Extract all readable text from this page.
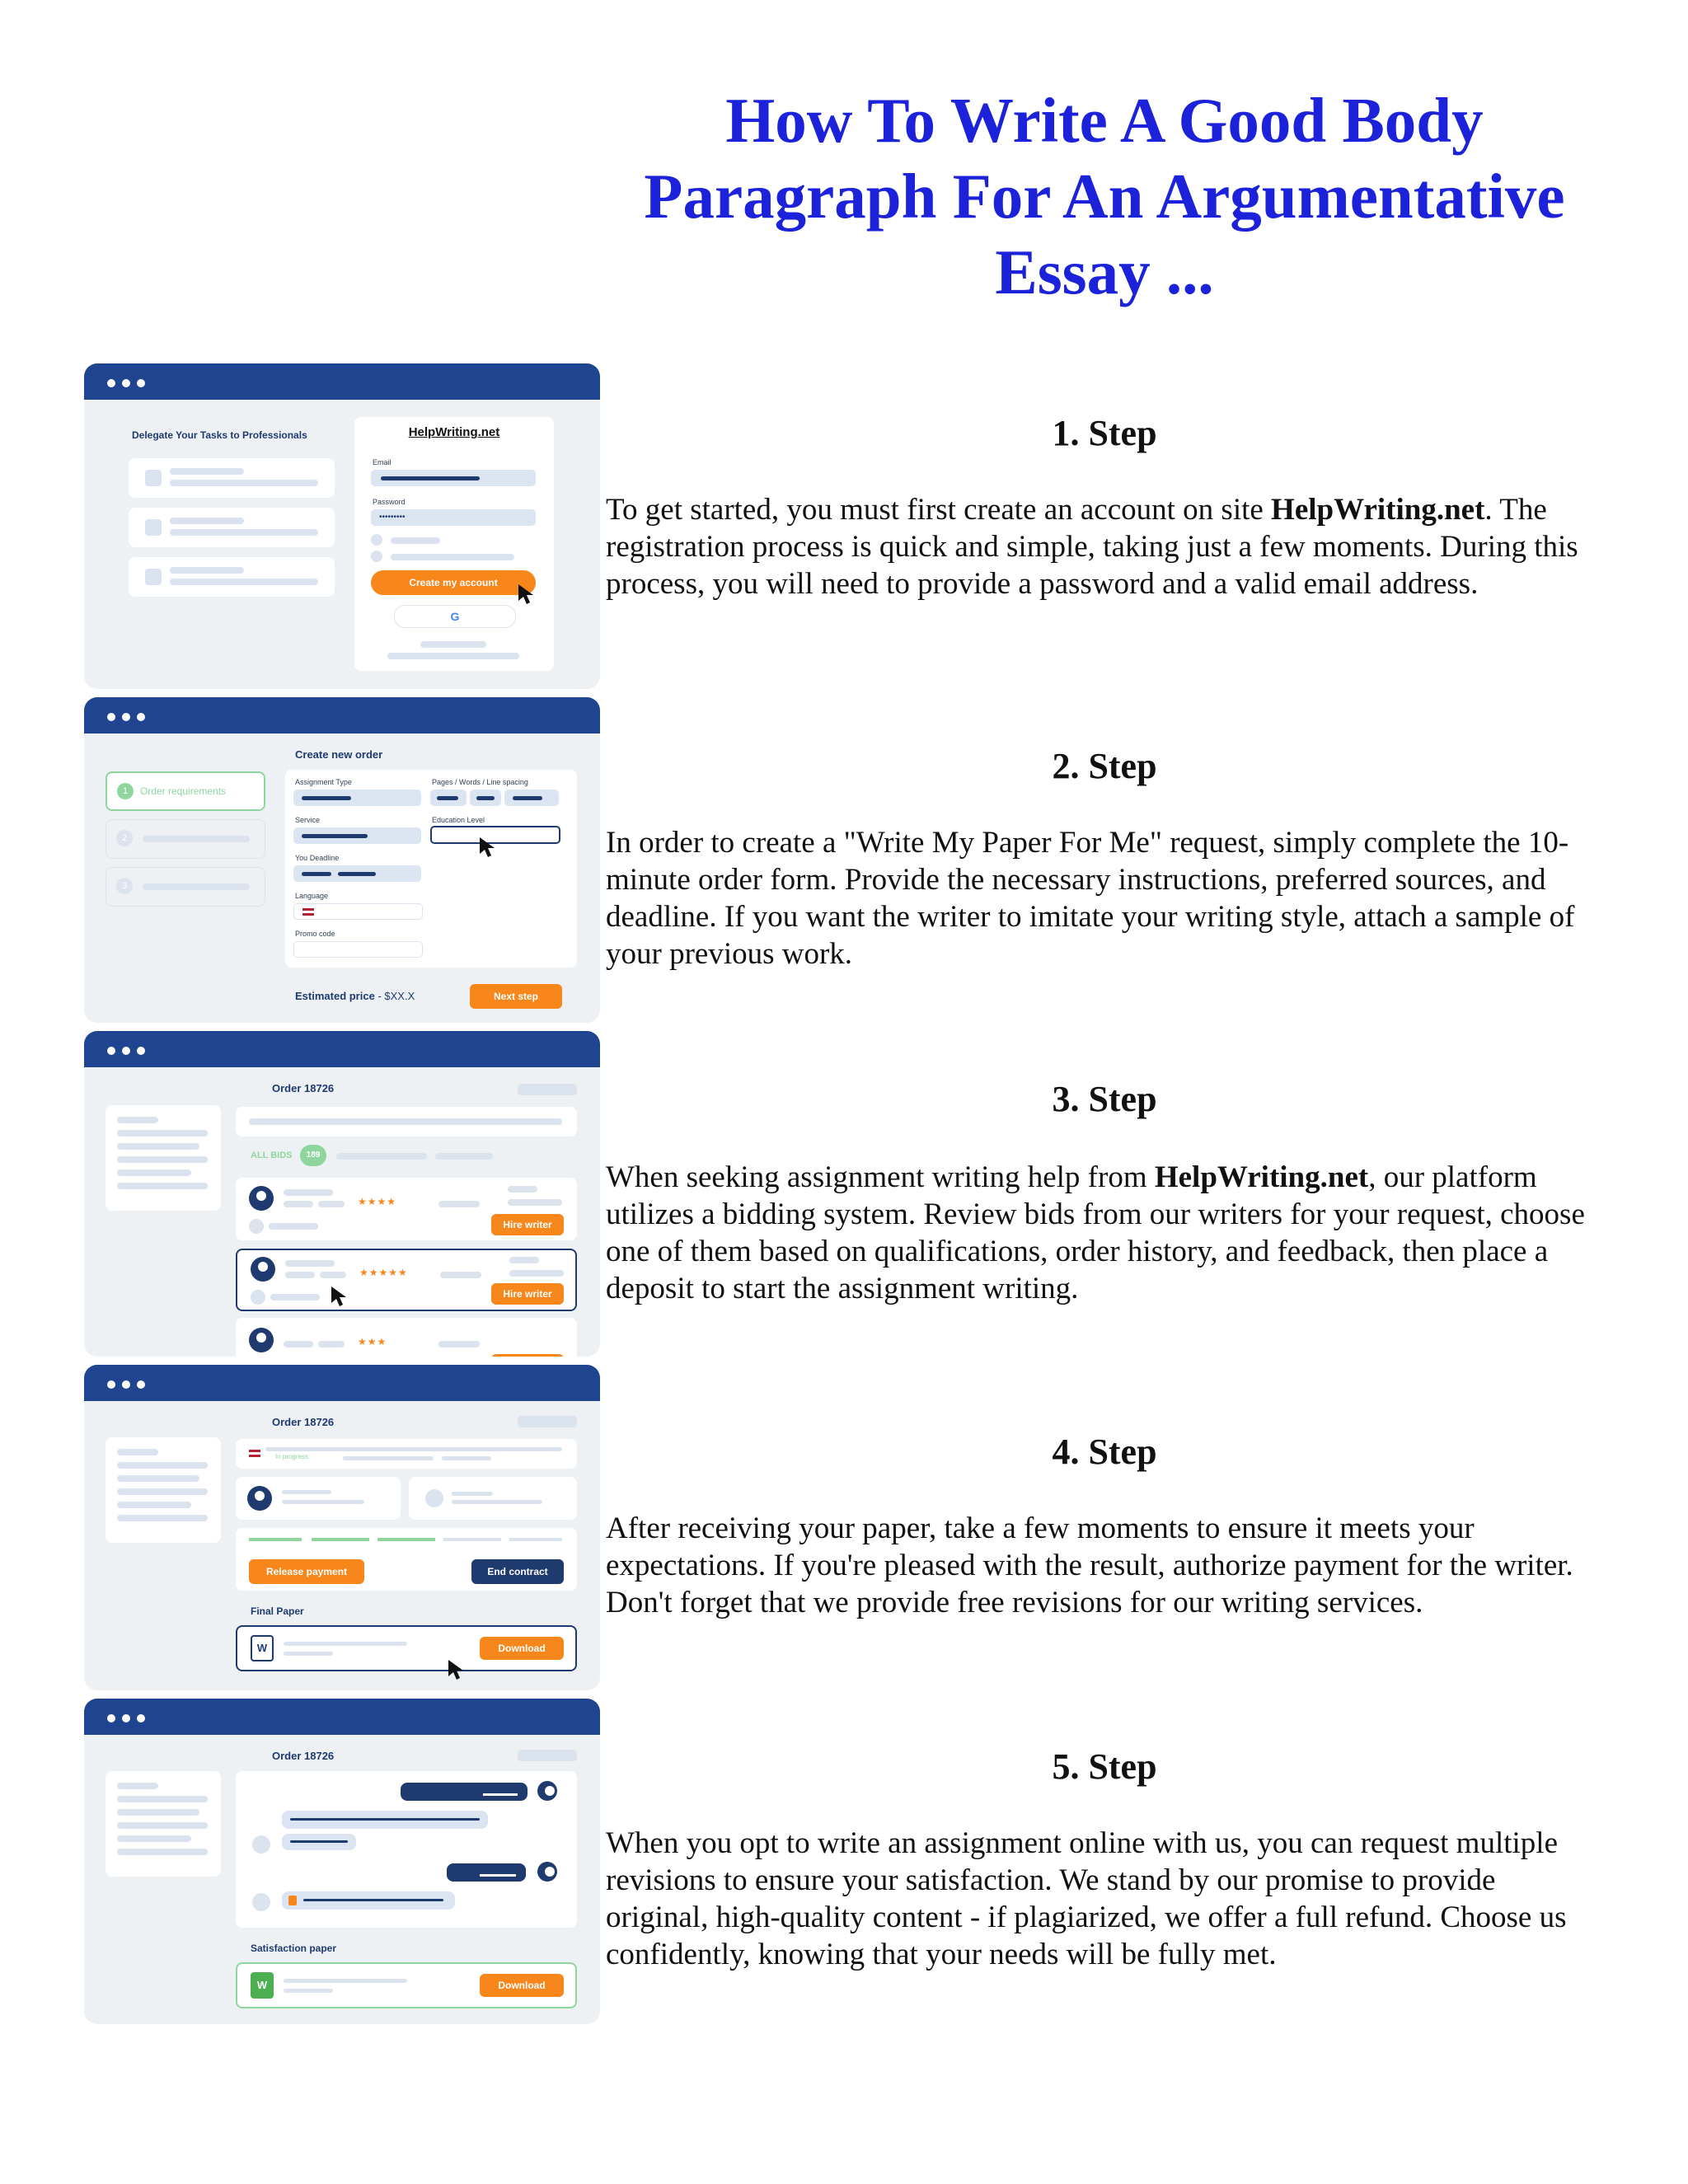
How To Write A Good Body Paragraph For An Argumentative Essay ...
Delegate Your Tasks to Professionals	HelpWriting.net
Email
Password
•••••••••
Create my account
G
1	Order requirements
2
3
Create new order
Assignment Type	Pages / Words / Line spacing
Service	Education Level
You Deadline
Language
Promo code
Estimated price - $XX.X	Next step
Order 18726
ALL BIDS	189
★★★★
Hire writer
★★★★★
Hire writer
★★★
Order 18726
In progress
Release payment	End contract
Final Paper
W	Download
Order 18726
Satisfaction paper
W	Download
1. Step

To get started, you must first create an account on site HelpWriting.net. The registration process is quick and simple, taking just a few moments. During this process, you will need to provide a password and a valid email address.

2. Step

In order to create a "Write My Paper For Me" request, simply complete the 10-minute order form. Provide the necessary instructions, preferred sources, and deadline. If you want the writer to imitate your writing style, attach a sample of your previous work.

3. Step

When seeking assignment writing help from HelpWriting.net, our platform utilizes a bidding system. Review bids from our writers for your request, choose one of them based on qualifications, order history, and feedback, then place a deposit to start the assignment writing.

4. Step

After receiving your paper, take a few moments to ensure it meets your expectations. If you're pleased with the result, authorize payment for the writer. Don't forget that we provide free revisions for our writing services.

5. Step

When you opt to write an assignment online with us, you can request multiple revisions to ensure your satisfaction. We stand by our promise to provide original, high-quality content - if plagiarized, we offer a full refund. Choose us confidently, knowing that your needs will be fully met.
